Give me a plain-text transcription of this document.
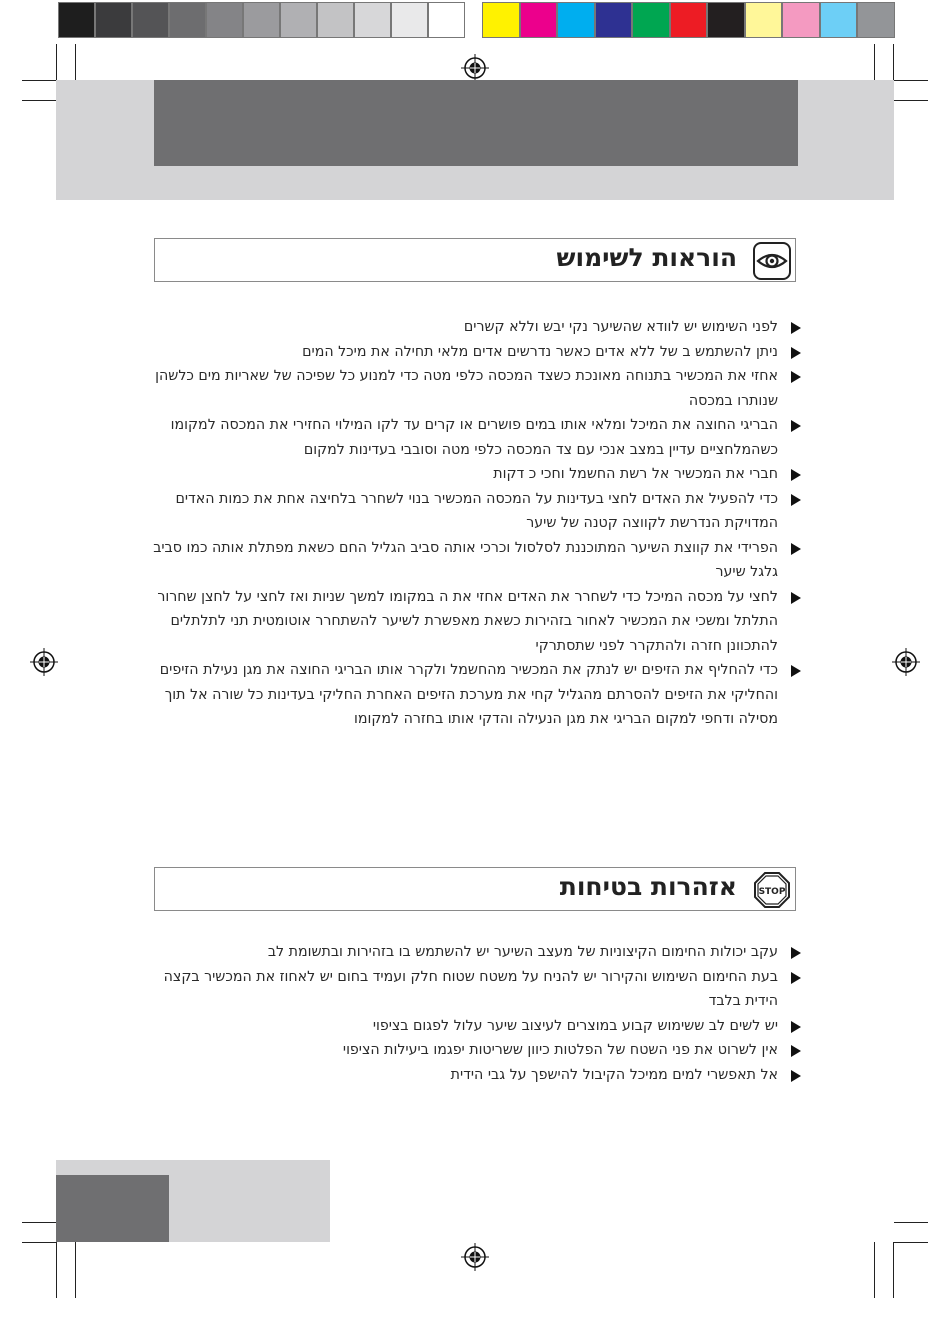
הוראות לשימוש
לפני השימוש יש לוודא שהשיער נקי יבש וללא קשרים
ניתן להשתמש ב של ללא אדים כאשר נדרשים אדים מלאי תחילה את מיכל המים
אחזי את המכשיר בתנוחה מאונכת כשצד המכסה כלפי מטה כדי למנוע כל שפיכה של שאריות מים כלשהן שנותרו במכסה
הבריגי החוצה את המיכל ומלאי אותו במים פושרים או קרים עד לקו המילוי החזירי את המכסה למקומו כשהמלחציים עדיין במצב אנכי עם צד המכסה כלפי מטה וסובבי בעדינות למקום
חברי את המכשיר אל רשת החשמל וחכי כ דקות
כדי להפעיל את האדים לחצי בעדינות על המכסה המכשיר בנוי לשחרר בלחיצה אחת את כמות האדים המדויקת הנדרשת לקווצה קטנה של שיער
הפרידי את קווצת השיער המתוכננת לסלסול וכרכי אותה סביב הגליל החם כשאת מפתלת אותה כמו סביב גלגל שיער
לחצי על מכסה המיכל כדי לשחרר את האדים אחזי את ה במקומו למשך שניות ואז לחצי על לחצן שחרור התלתל ומשכי את המכשיר לאחור בזהירות כשאת מאפשרת לשיער להשתחרר אוטומטית תני לתלתלים להתכוונן חזרה ולהתקרר לפני שתסתרקי
כדי להחליף את הזיפים יש לנתק את המכשיר מהחשמל ולקרר אותו הבריגי החוצה את מגן נעילת הזיפים והחליקי את הזיפים להסרתם מהגליל קחי את מערכת הזיפים האחרת החליקי בעדינות כל שורה אל תוך מסילה ודחפי למקום הבריגי את מגן הנעילה והדקי אותו בחזרה למקומו
STOP
אזהרות בטיחות
עקב יכולות החימום הקיצוניות של מעצב השיער יש להשתמש בו בזהירות ובתשומת לב
בעת החימום השימוש והקירור יש להניח על משטח שטוח חלק ועמיד בחום יש לאחוז את המכשיר בקצה הידית בלבד
יש לשים לב ששימוש קבוע במוצרים לעיצוב שיער עלול לפגום בציפוי
אין לשרוט את פני השטח של הפלטות כיוון ששריטות יפגמו ביעילות הציפוי
אל תאפשרי למים ממיכל הקיבול להישפך על גבי הידית
